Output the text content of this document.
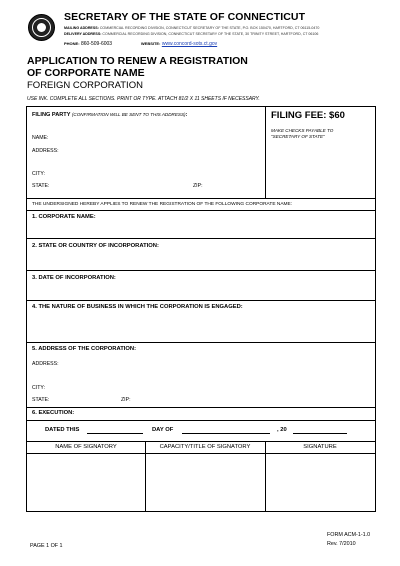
SECRETARY OF THE STATE OF CONNECTICUT
MAILING ADDRESS: COMMERCIAL RECORDING DIVISION, CONNECTICUT SECRETARY OF THE STATE, P.O. BOX 150470, HARTFORD, CT 06115-0470
DELIVERY ADDRESS: COMMERCIAL RECORDING DIVISION, CONNECTICUT SECRETARY OF THE STATE, 30 TRINITY STREET, HARTFORD, CT 06106
PHONE: 860-509-6003	WEBSITE: www.concord-sots.ct.gov
APPLICATION TO RENEW A REGISTRATION
OF CORPORATE NAME
FOREIGN CORPORATION
USE INK. COMPLETE ALL SECTIONS. PRINT OR TYPE. ATTACH 81/2 X 11 SHEETS IF NECESSARY.
FILING PARTY (CONFIRMATION WILL BE SENT TO THIS ADDRESS):
NAME:
ADDRESS:
CITY:
STATE:	ZIP:
FILING FEE: $60
MAKE CHECKS PAYABLE TO "SECRETARY OF STATE"
THE UNDERSIGNED HEREBY APPLIES TO RENEW THE REGISTRATION OF THE FOLLOWING CORPORATE NAME:
1. CORPORATE NAME:
2. STATE OR COUNTRY OF INCORPORATION:
3. DATE OF INCORPORATION:
4. THE NATURE OF BUSINESS IN WHICH THE CORPORATION IS ENGAGED:
5. ADDRESS OF THE CORPORATION:
ADDRESS:
CITY:
STATE:	ZIP:
6. EXECUTION:
DATED THIS	DAY OF	, 20
NAME OF SIGNATORY	CAPACITY/TITLE OF SIGNATORY	SIGNATURE
PAGE 1 OF 1
FORM ACM-1-1.0
Rev. 7/2010
